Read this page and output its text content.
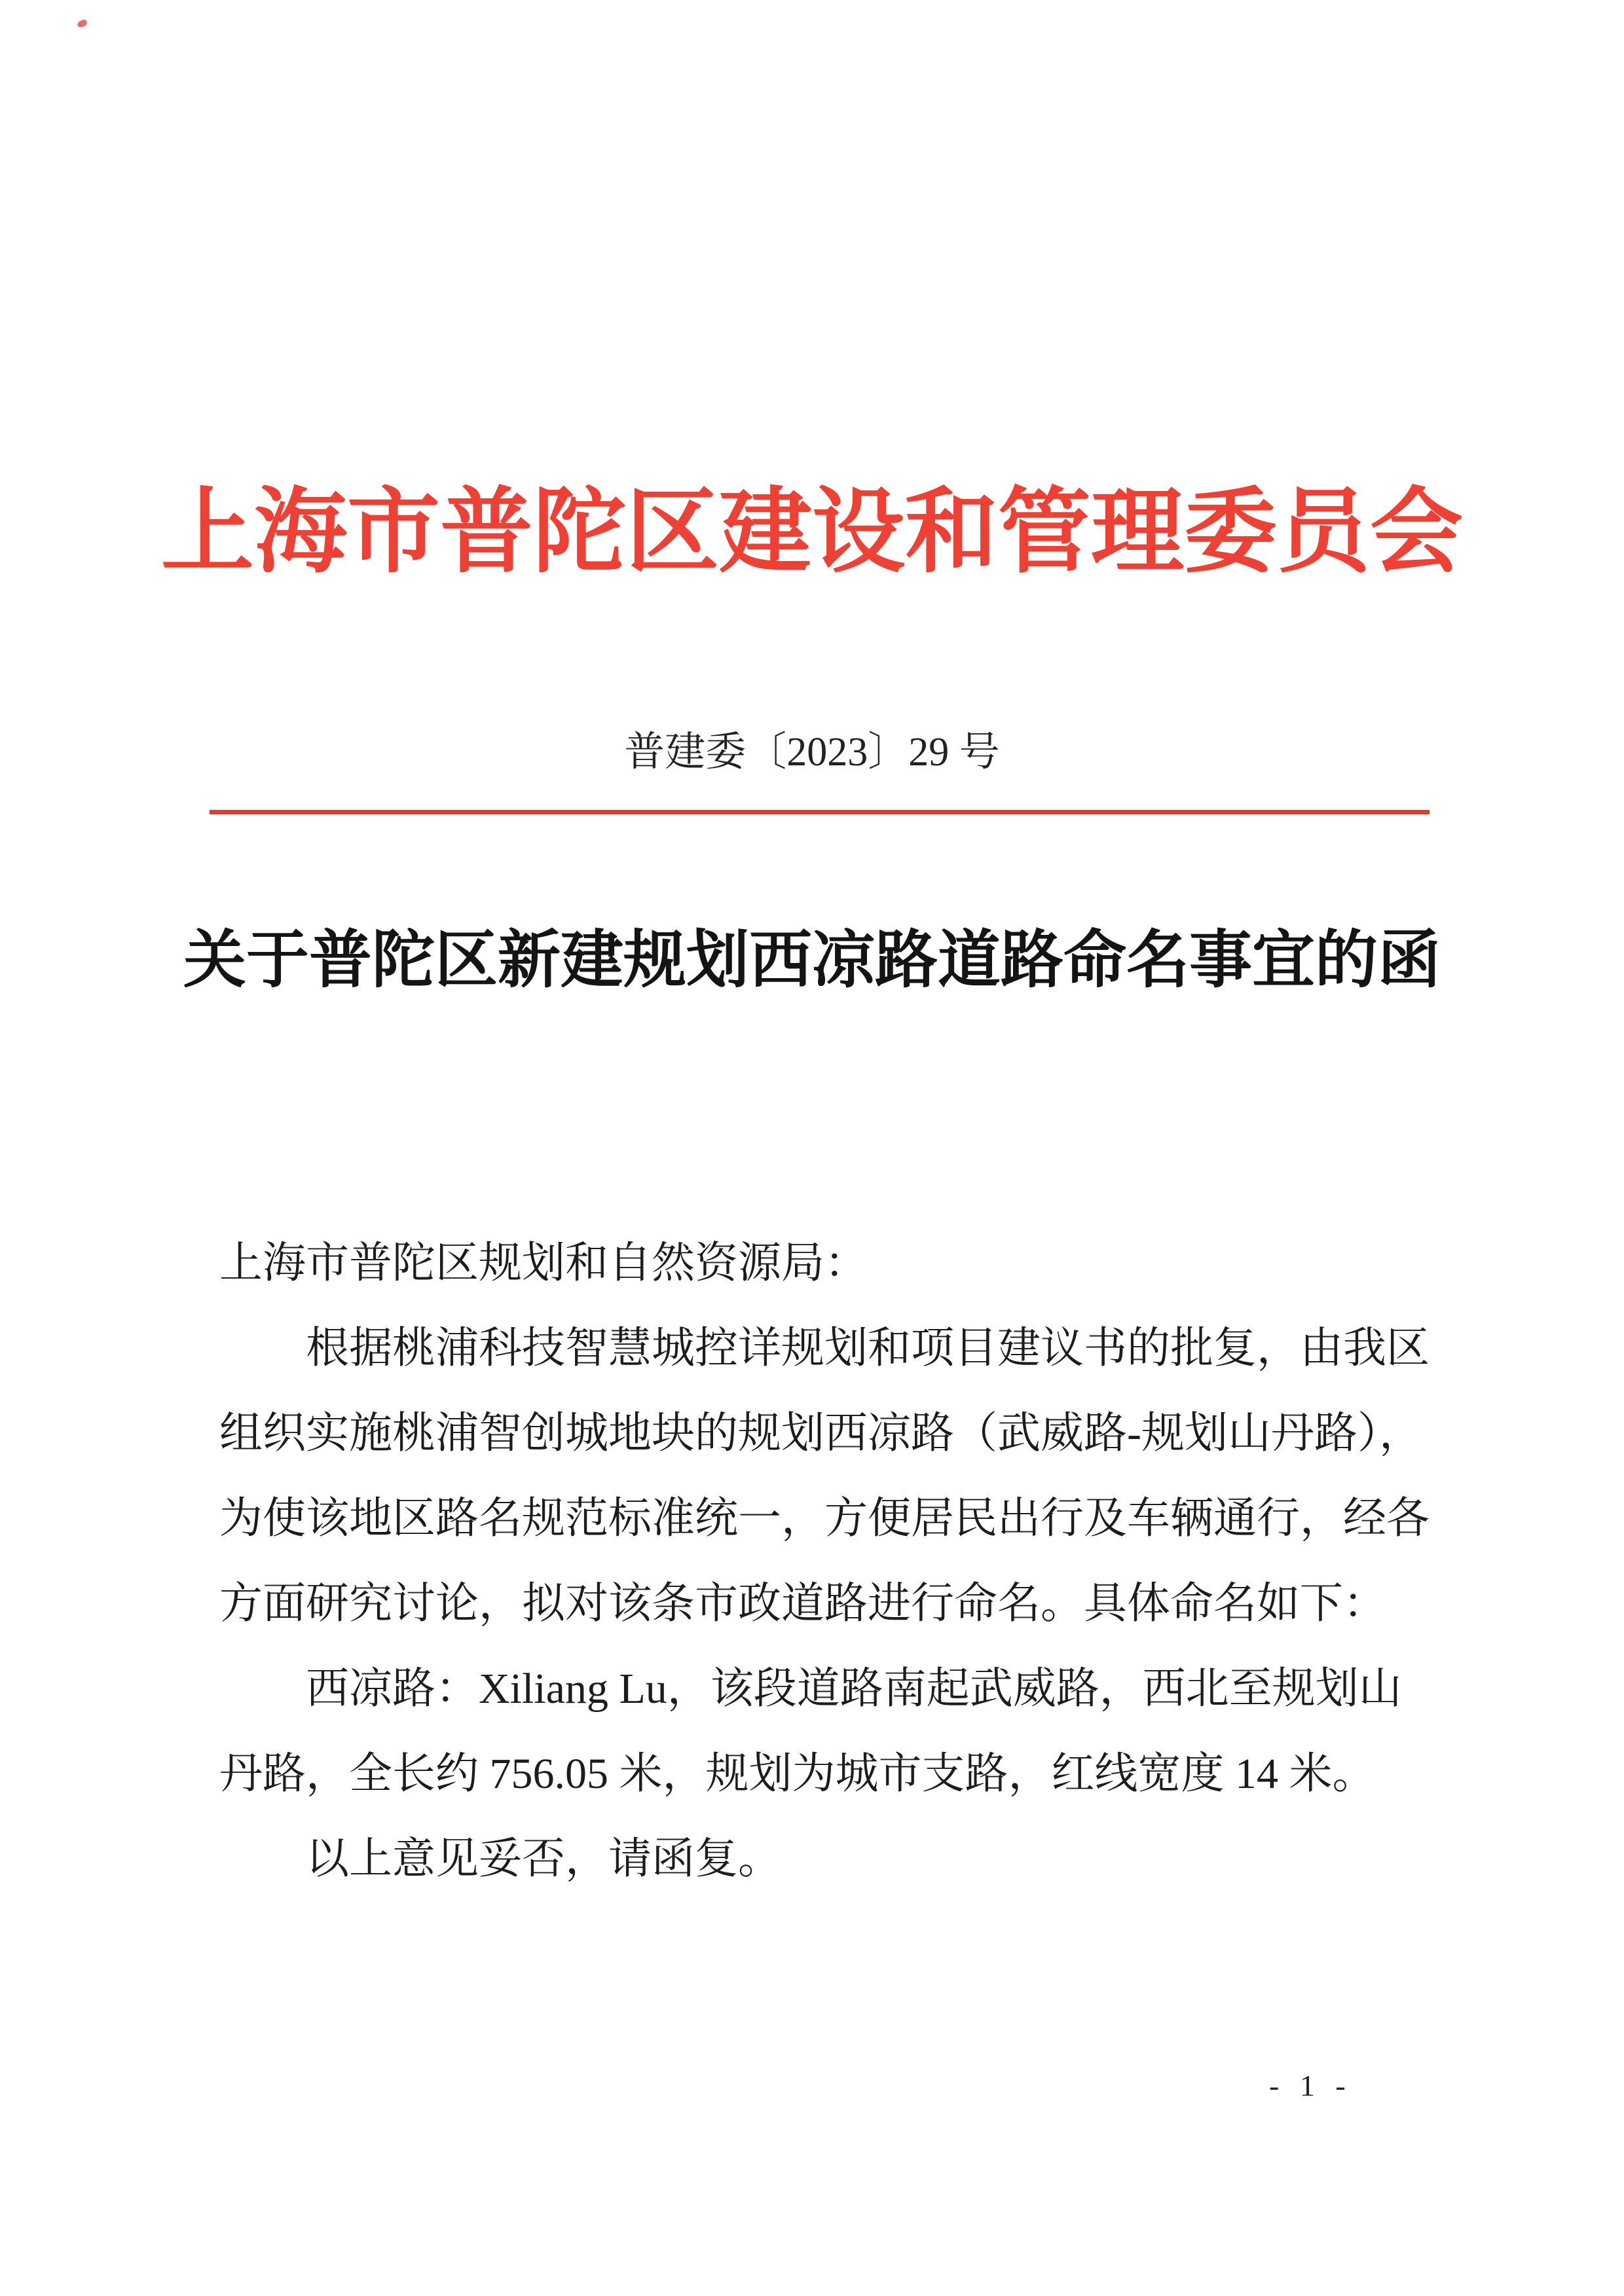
上海市普陀区建设和管理委员会
普建委〔2023〕29 号
关于普陀区新建规划西凉路道路命名事宜的函
上海市普陀区规划和自然资源局：
根据桃浦科技智慧城控详规划和项目建议书的批复，由我区
组织实施桃浦智创城地块的规划西凉路（武威路-规划山丹路），
为使该地区路名规范标准统一，方便居民出行及车辆通行，经各
方面研究讨论，拟对该条市政道路进行命名。具体命名如下：
西凉路：Xiliang Lu，该段道路南起武威路，西北至规划山
丹路，全长约 756.05 米，规划为城市支路，红线宽度 14 米。
以上意见妥否，请函复。
- 1 -
